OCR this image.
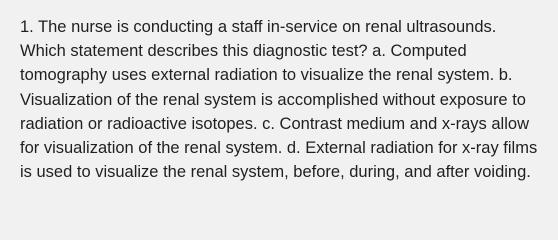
1. The nurse is conducting a staff in-service on renal ultrasounds. Which statement describes this diagnostic test? a. Computed tomography uses external radiation to visualize the renal system. b. Visualization of the renal system is accomplished without exposure to radiation or radioactive isotopes. c. Contrast medium and x-rays allow for visualization of the renal system. d. External radiation for x-ray films is used to visualize the renal system, before, during, and after voiding.
